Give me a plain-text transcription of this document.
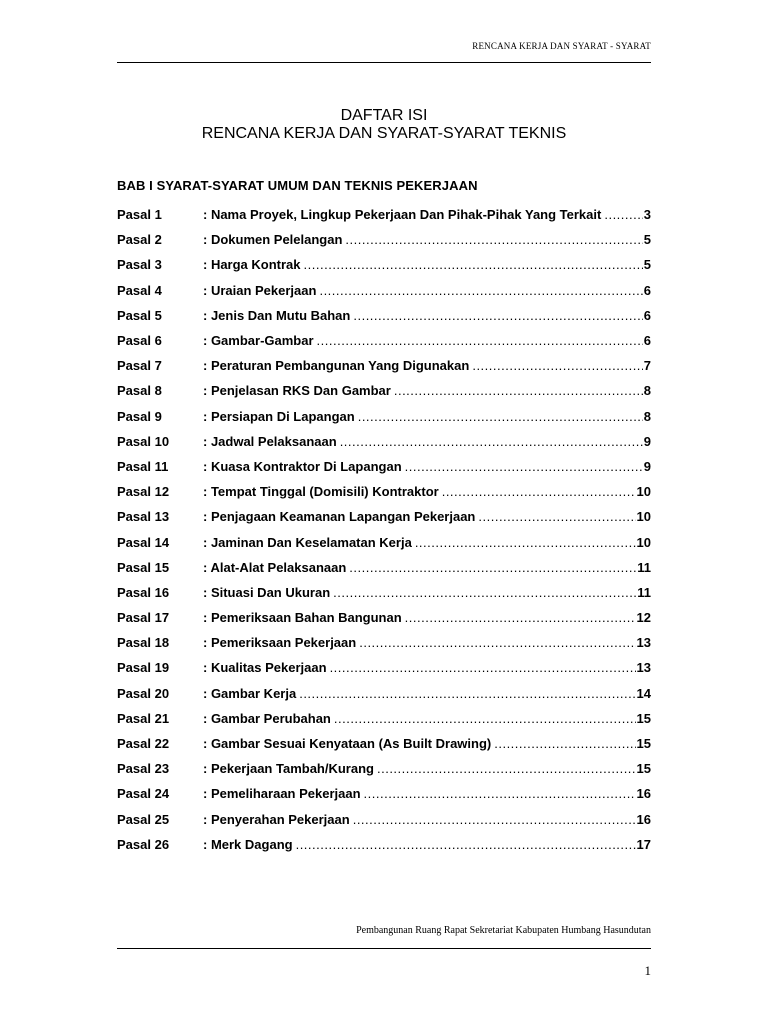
RENCANA KERJA DAN SYARAT - SYARAT
DAFTAR ISI
RENCANA KERJA DAN SYARAT-SYARAT TEKNIS
BAB I SYARAT-SYARAT UMUM DAN TEKNIS PEKERJAAN
Pasal 1	: Nama Proyek, Lingkup Pekerjaan Dan Pihak-Pihak Yang Terkait .....	3
Pasal 2	: Dokumen Pelelangan .....	5
Pasal 3	: Harga Kontrak .....	5
Pasal 4	: Uraian Pekerjaan .....	6
Pasal 5	: Jenis Dan Mutu Bahan .....	6
Pasal 6	: Gambar-Gambar .....	6
Pasal 7	: Peraturan Pembangunan Yang Digunakan .....	7
Pasal 8	: Penjelasan RKS Dan Gambar .....	8
Pasal 9	: Persiapan Di Lapangan .....	8
Pasal 10	: Jadwal Pelaksanaan .....	9
Pasal 11	: Kuasa Kontraktor Di Lapangan .....	9
Pasal 12	: Tempat Tinggal (Domisili) Kontraktor .....	10
Pasal 13	: Penjagaan Keamanan Lapangan Pekerjaan .....	10
Pasal 14	: Jaminan Dan Keselamatan Kerja .....	10
Pasal 15	: Alat-Alat Pelaksanaan .....	11
Pasal 16	: Situasi Dan Ukuran .....	11
Pasal 17	: Pemeriksaan Bahan Bangunan .....	12
Pasal 18	: Pemeriksaan Pekerjaan .....	13
Pasal 19	: Kualitas Pekerjaan .....	13
Pasal 20	: Gambar Kerja .....	14
Pasal 21	: Gambar Perubahan .....	15
Pasal 22	: Gambar Sesuai Kenyataan (As Built Drawing) .....	15
Pasal 23	: Pekerjaan Tambah/Kurang .....	15
Pasal 24	: Pemeliharaan Pekerjaan .....	16
Pasal 25	: Penyerahan Pekerjaan .....	16
Pasal 26	: Merk Dagang .....	17
Pembangunan Ruang Rapat Sekretariat Kabupaten Humbang Hasundutan
1
